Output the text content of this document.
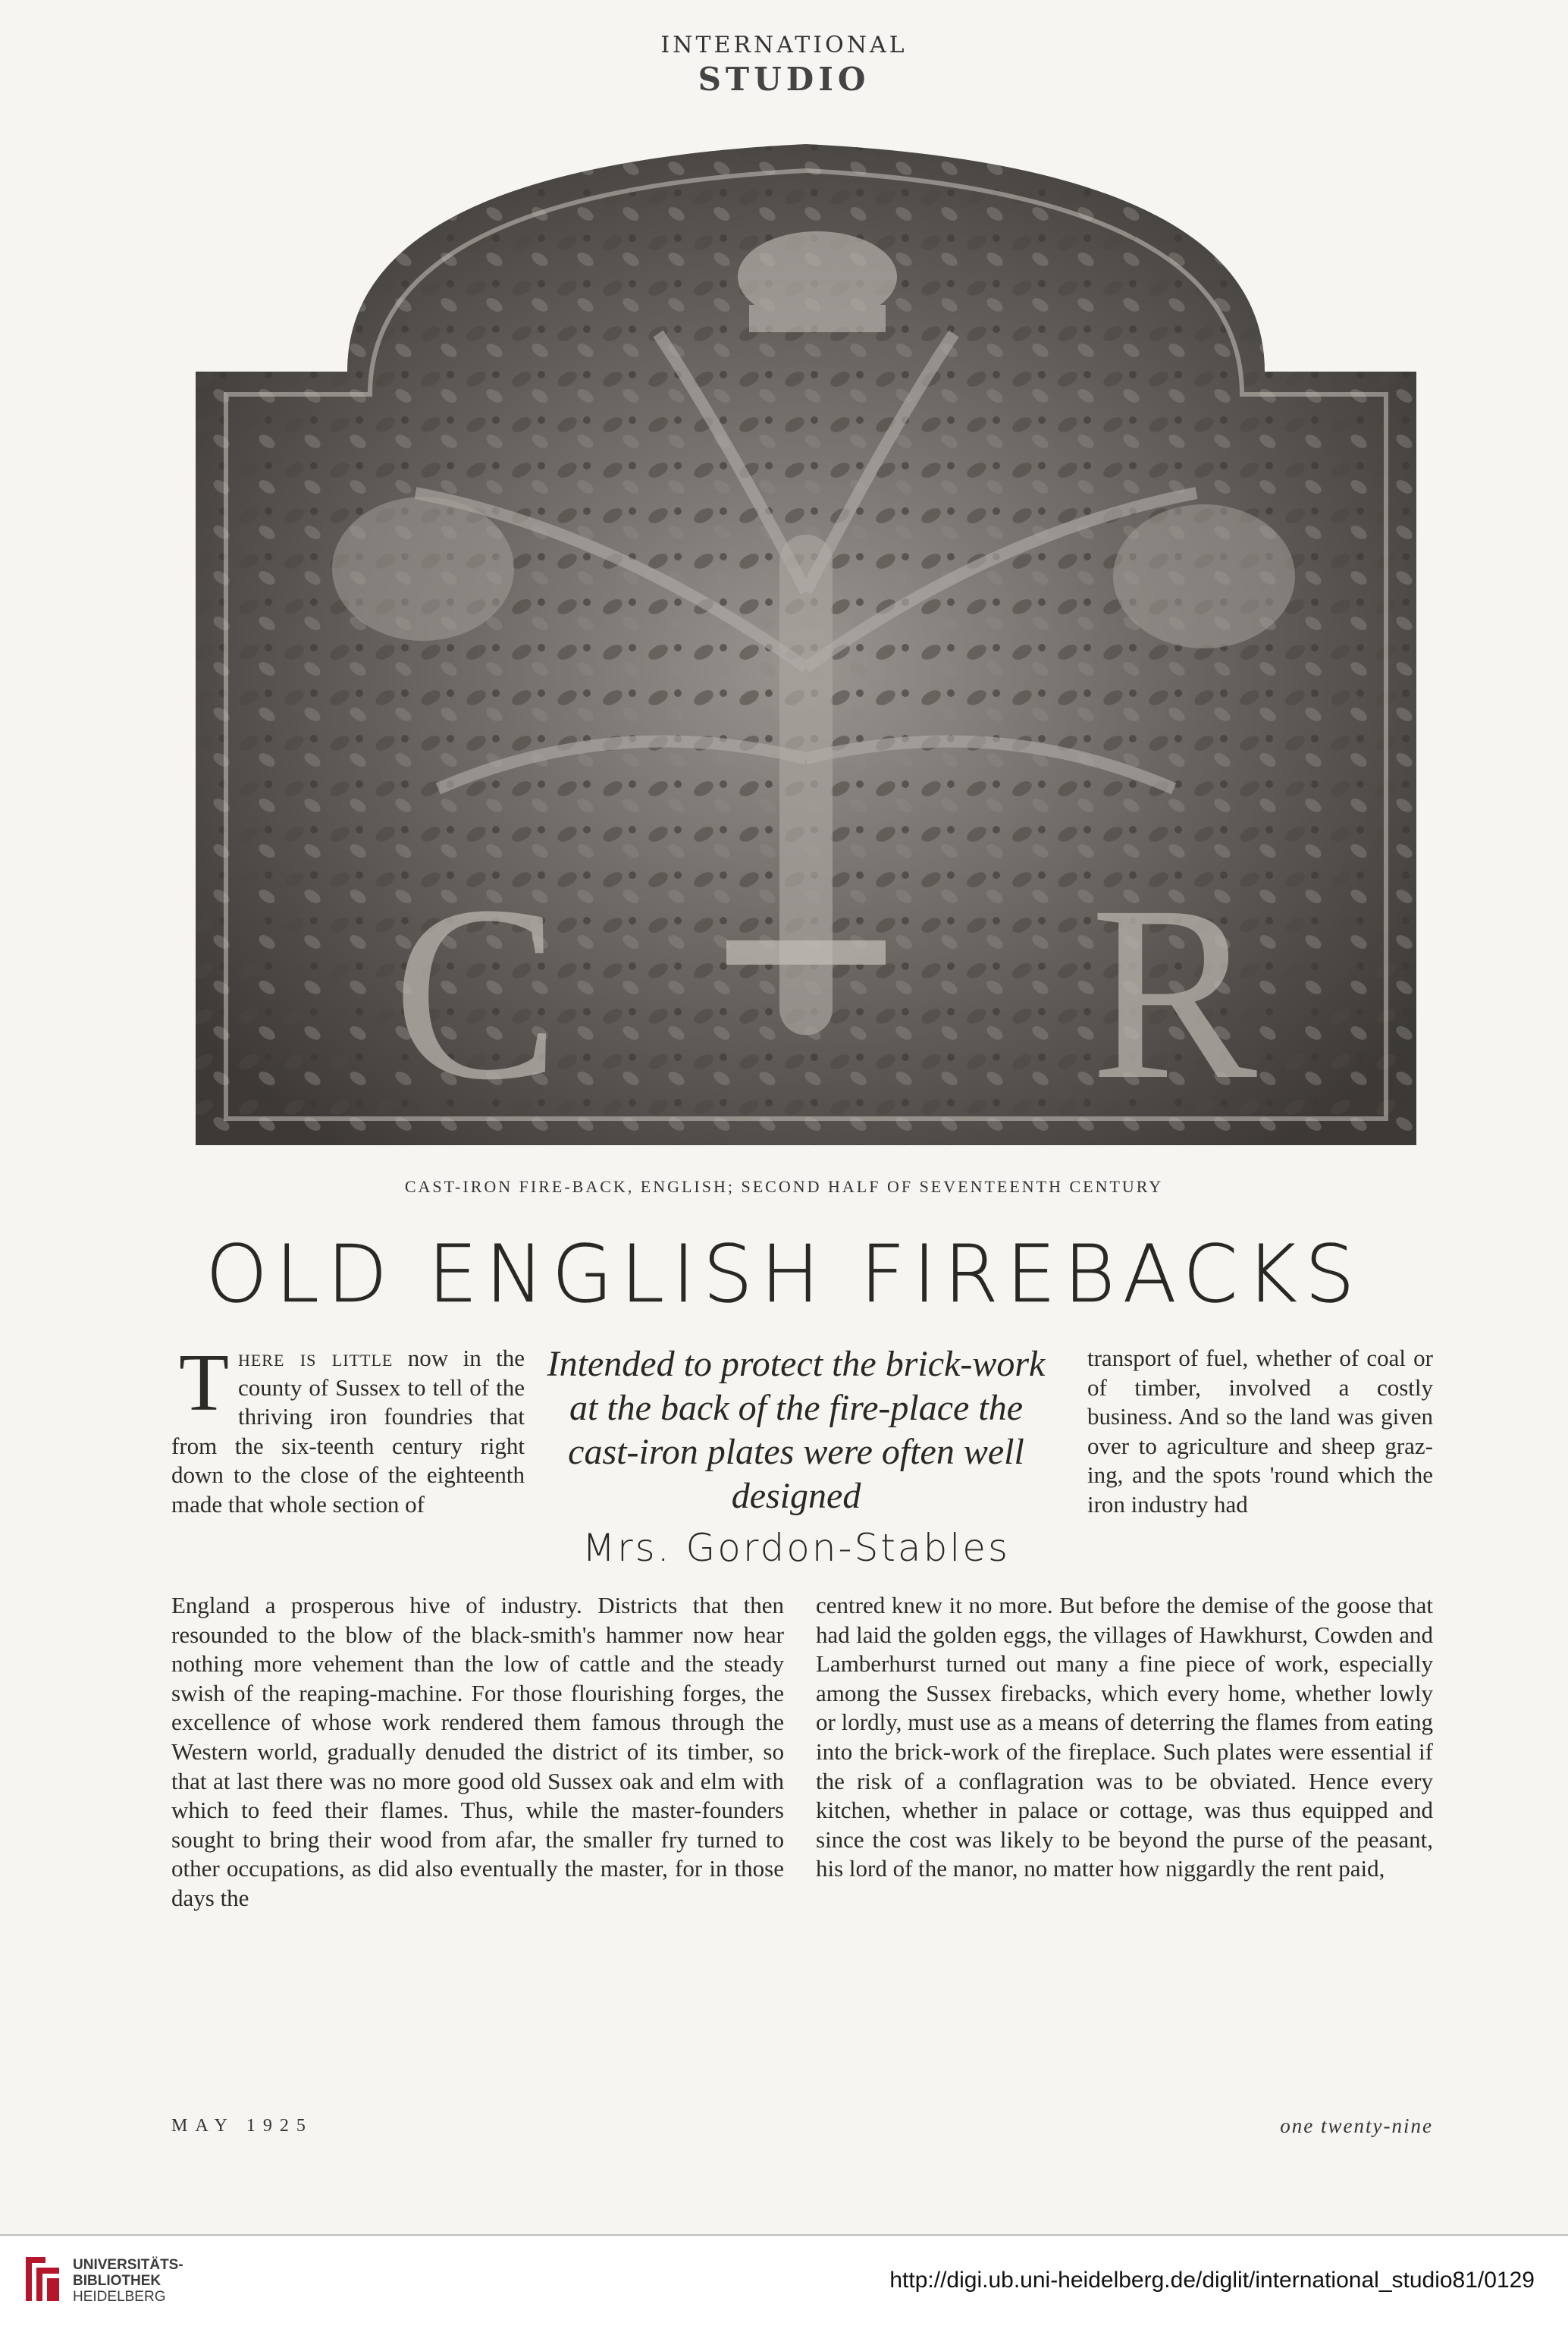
INTERNATIONAL
STUDIO
C R
CAST-IRON FIRE-BACK, ENGLISH; SECOND HALF OF SEVENTEENTH CENTURY
OLD ENGLISH FIREBACKS

There is little now in the county of Sussex to tell of the thriving iron foundries that from the six-teenth century right down to the close of the eighteenth made that whole section of

Intended to protect the brick-work at the back of the fire-place the cast-iron plates were often well designed
Mrs. Gordon-Stables

transport of fuel, whether of coal or of timber, involved a costly business. And so the land was given over to agriculture and sheep graz-ing, and the spots 'round which the iron industry had

England a prosperous hive of industry. Districts that then resounded to the blow of the black-smith's hammer now hear nothing more vehement than the low of cattle and the steady swish of the reaping-machine. For those flourishing forges, the excellence of whose work rendered them famous through the Western world, gradually denuded the district of its timber, so that at last there was no more good old Sussex oak and elm with which to feed their flames. Thus, while the master-founders sought to bring their wood from afar, the smaller fry turned to other occupations, as did also eventually the master, for in those days the

centred knew it no more. But before the demise of the goose that had laid the golden eggs, the villages of Hawkhurst, Cowden and Lamberhurst turned out many a fine piece of work, especially among the Sussex firebacks, which every home, whether lowly or lordly, must use as a means of deterring the flames from eating into the brick-work of the fireplace. Such plates were essential if the risk of a conflagration was to be obviated. Hence every kitchen, whether in palace or cottage, was thus equipped and since the cost was likely to be beyond the purse of the peasant, his lord of the manor, no matter how niggardly the rent paid,

MAY 1925	one twenty-nine
UNIVERSITÄTS-
BIBLIOTHEK
HEIDELBERG
http://digi.ub.uni-heidelberg.de/diglit/international_studio81/0129
